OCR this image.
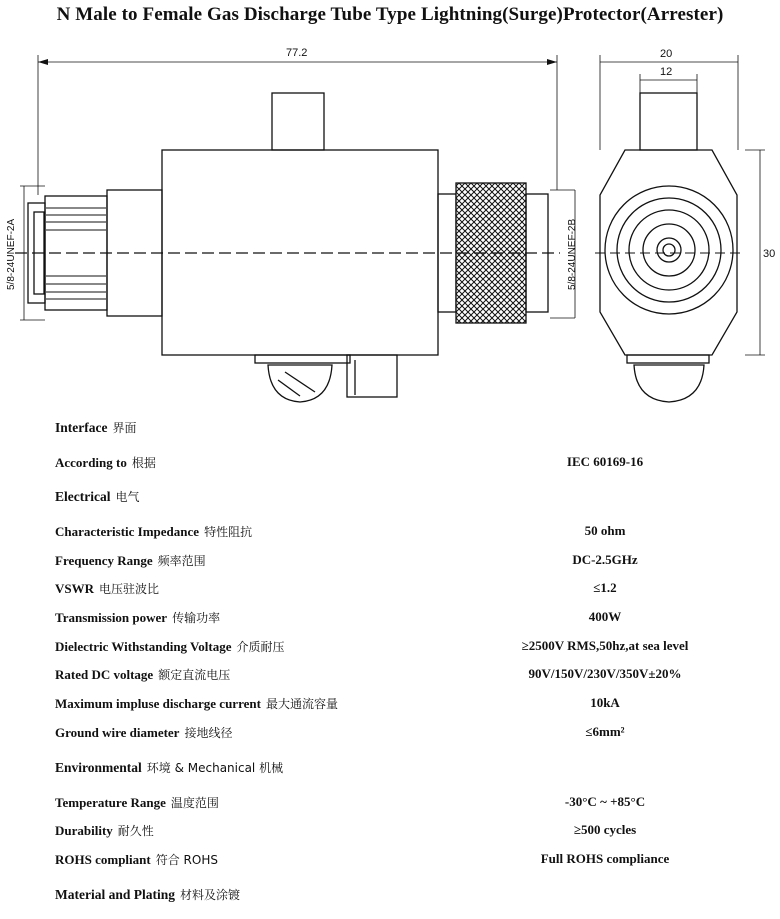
N Male to Female Gas Discharge Tube Type Lightning(Surge)Protector(Arrester)
77.2	20
12
30
5/8-24UNEF-2A	5/8-24UNEF-2B
Interface 界面
According to 根据	IEC 60169-16
Electrical 电气
Characteristic Impedance 特性阻抗	50 ohm
Frequency Range 频率范围	DC-2.5GHz
VSWR 电压驻波比	≤1.2
Transmission power 传输功率	400W
Dielectric Withstanding Voltage 介质耐压	≥2500V RMS,50hz,at sea level
Rated DC voltage 额定直流电压	90V/150V/230V/350V±20%
Maximum impluse discharge current 最大通流容量	10kA
Ground wire diameter 接地线径	≤6mm²
Environmental 环境 & Mechanical 机械
Temperature Range 温度范围	-30°C ~ +85°C
Durability 耐久性	≥500 cycles
ROHS compliant 符合 ROHS	Full ROHS compliance
Material and Plating 材料及涂镀
